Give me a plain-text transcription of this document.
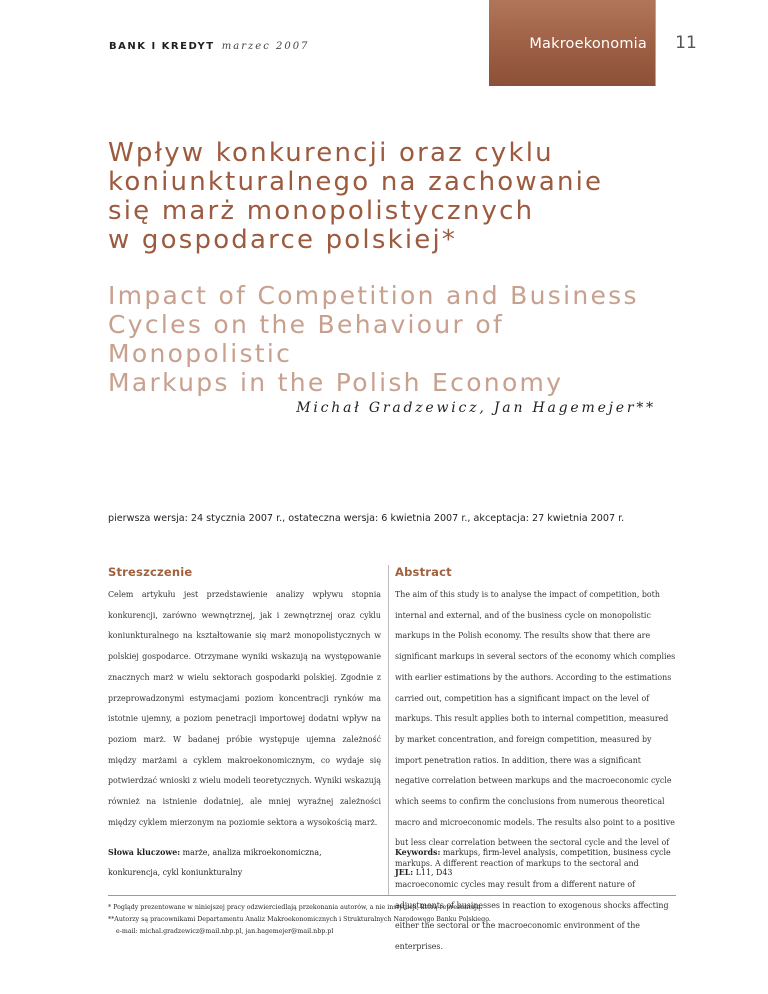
Makroekonomia	11
BANK I KREDYT marzec 2007
Wpływ konkurencji oraz cyklu
koniunkturalnego na zachowanie
się marż monopolistycznych
w gospodarce polskiej*
Impact of Competition and Business
Cycles on the Behaviour of Monopolistic
Markups in the Polish Economy
Michał Gradzewicz, Jan Hagemejer**
pierwsza wersja: 24 stycznia 2007 r., ostateczna wersja: 6 kwietnia 2007 r., akceptacja: 27 kwietnia 2007 r.
Streszczenie

Celem artykułu jest przedstawienie analizy wpływu stopnia konkurencji, zarówno wewnętrznej, jak i zewnętrznej oraz cyklu koniunkturalnego na kształtowanie się marż monopolistycznych w polskiej gospodarce. Otrzymane wyniki wskazują na występowanie znacznych marż w wielu sektorach gospodarki polskiej. Zgodnie z przeprowadzonymi estymacjami poziom koncentracji rynków ma istotnie ujemny, a poziom penetracji importowej dodatni wpływ na poziom marż. W badanej próbie występuje ujemna zależność między marżami a cyklem makroekonomicznym, co wydaje się potwierdzać wnioski z wielu modeli teoretycznych. Wyniki wskazują również na istnienie dodatniej, ale mniej wyraźnej zależności między cyklem mierzonym na poziomie sektora a wysokością marż.

Abstract

The aim of this study is to analyse the impact of competition, both internal and external, and of the business cycle on monopolistic markups in the Polish economy. The results show that there are significant markups in several sectors of the economy which complies with earlier estimations by the authors. According to the estimations carried out, competition has a significant impact on the level of markups. This result applies both to internal competition, measured by market concentration, and foreign competition, measured by import penetration ratios. In addition, there was a significant negative correlation between markups and the macroeconomic cycle which seems to confirm the conclusions from numerous theoretical macro and microeconomic models. The results also point to a positive but less clear correlation between the sectoral cycle and the level of markups. A different reaction of markups to the sectoral and macroeconomic cycles may result from a different nature of adjustments of businesses in reaction to exogenous shocks affecting either the sectoral or the macroeconomic environment of the enterprises.

Słowa kluczowe: marże, analiza mikroekonomiczna,
konkurencja, cykl koniunkturalny
Keywords: markups, firm-level analysis, competition, business cycle
JEL: L11, D43

* Poglądy prezentowane w niniejszej pracy odzwierciedlają przekonania autorów, a nie instytucji, którą reprezentują.

**Autorzy są pracownikami Departamentu Analiz Makroekonomicznych i Strukturalnych Narodowego Banku Polskiego.

e-mail: michal.gradzewicz@mail.nbp.pl, jan.hagemejer@mail.nbp.pl
